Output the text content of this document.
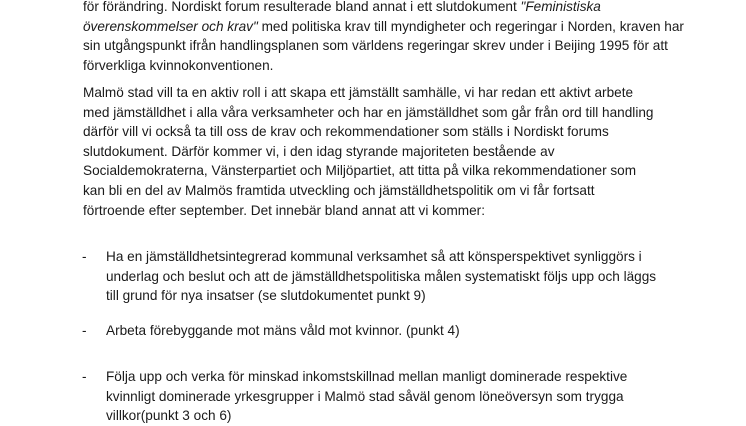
för förändring. Nordiskt forum resulterade bland annat i ett slutdokument "Feministiska
överenskommelser och krav" med politiska krav till myndigheter och regeringar i Norden, kraven har
sin utgångspunkt ifrån handlingsplanen som världens regeringar skrev under i Beijing 1995 för att
förverkliga kvinnokonventionen.
Malmö stad vill ta en aktiv roll i att skapa ett jämställt samhälle, vi har redan ett aktivt arbete
med jämställdhet i alla våra verksamheter och har en jämställdhet som går från ord till handling
därför vill vi också ta till oss de krav och rekommendationer som ställs i Nordiskt forums
slutdokument. Därför kommer vi, i den idag styrande majoriteten bestående av
Socialdemokraterna, Vänsterpartiet och Miljöpartiet, att titta på vilka rekommendationer som
kan bli en del av Malmös framtida utveckling och jämställdhetspolitik om vi får fortsatt
förtroende efter september. Det innebär bland annat att vi kommer:
- Ha en jämställdhetsintegrerad kommunal verksamhet så att könsperspektivet synliggörs i
underlag och beslut och att de jämställdhetspolitiska målen systematiskt följs upp och läggs
till grund för nya insatser (se slutdokumentet punkt 9)
- Arbeta förebyggande mot mäns våld mot kvinnor. (punkt 4)
- Följa upp och verka för minskad inkomstskillnad mellan manligt dominerade respektive
kvinnligt dominerade yrkesgrupper i Malmö stad såväl genom löneöversyn som trygga
villkor(punkt 3 och 6)
